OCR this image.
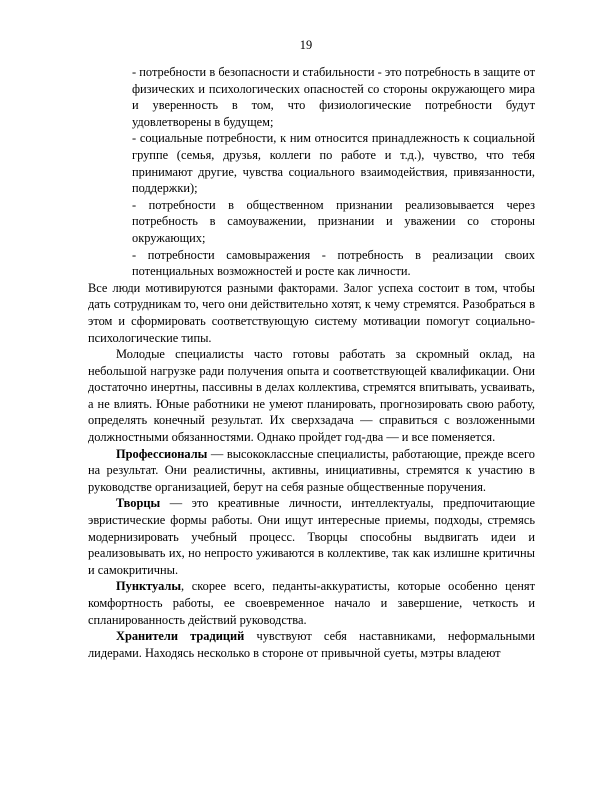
19

- потребности в безопасности и стабильности - это потребность в защите от физических и психологических опасностей со стороны окружающего мира и уверенность в том, что физиологические потребности будут удовлетворены в будущем;

- социальные потребности, к ним относится принадлежность к социальной группе (семья, друзья, коллеги по работе и т.д.), чувство, что тебя принимают другие, чувства социального взаимодействия, привязанности, поддержки);

- потребности в общественном признании реализовывается через потребность в самоуважении, признании и уважении со стороны окружающих;

- потребности самовыражения - потребность в реализации своих потенциальных возможностей и росте как личности.

Все люди мотивируются разными факторами. Залог успеха состоит в том, чтобы дать сотрудникам то, чего они действительно хотят, к чему стремятся. Разобраться в этом и сформировать соответствующую систему мотивации помогут социально-психологические типы.

Молодые специалисты часто готовы работать за скромный оклад, на небольшой нагрузке ради получения опыта и соответствующей квалификации. Они достаточно инертны, пассивны в делах коллектива, стремятся впитывать, усваивать, а не влиять. Юные работники не умеют планировать, прогнозировать свою работу, определять конечный результат. Их сверхзадача — справиться с возложенными должностными обязанностями. Однако пройдет год-два — и все поменяется.

Профессионалы — высококлассные специалисты, работающие, прежде всего на результат. Они реалистичны, активны, инициативны, стремятся к участию в руководстве организацией, берут на себя разные общественные поручения.

Творцы — это креативные личности, интеллектуалы, предпочитающие эвристические формы работы. Они ищут интересные приемы, подходы, стремясь модернизировать учебный процесс. Творцы способны выдвигать идеи и реализовывать их, но непросто уживаются в коллективе, так как излишне критичны и самокритичны.

Пунктуалы, скорее всего, педанты-аккуратисты, которые особенно ценят комфортность работы, ее своевременное начало и завершение, четкость и спланированность действий руководства.

Хранители традиций чувствуют себя наставниками, неформальными лидерами. Находясь несколько в стороне от привычной суеты, мэтры владеют
